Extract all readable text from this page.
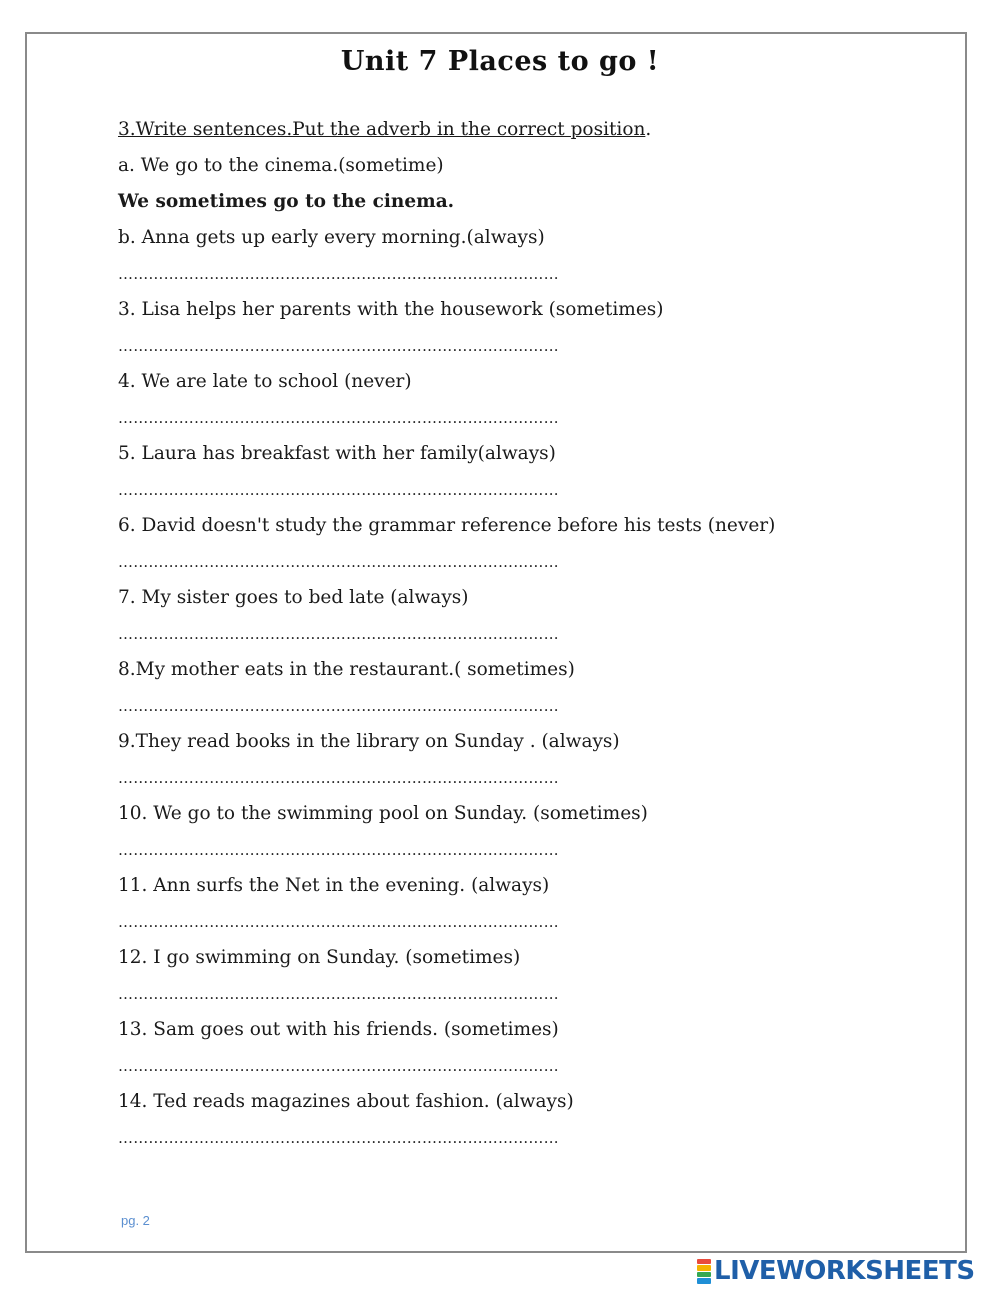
Unit 7 Places to go !
3.Write sentences.Put the adverb in the correct position.
a. We go to the cinema.(sometime)
We sometimes go to the cinema.
b. Anna gets up early every morning.(always)
……………………………………………………………………………
3. Lisa helps her parents with the housework (sometimes)
……………………………………………………………………………
4. We are late to school (never)
……………………………………………………………………………
5. Laura has breakfast with her family(always)
……………………………………………………………………………
6. David doesn't study the grammar reference before his tests (never)
……………………………………………………………………………
7. My sister goes to bed late (always)
……………………………………………………………………………
8.My mother eats in the restaurant.( sometimes)
……………………………………………………………………………
9.They read books in the library on Sunday . (always)
……………………………………………………………………………
10. We go to the swimming pool on Sunday. (sometimes)
……………………………………………………………………………
11. Ann surfs the Net in the evening. (always)
……………………………………………………………………………
12. I go swimming on Sunday. (sometimes)
……………………………………………………………………………
13. Sam goes out with his friends. (sometimes)
……………………………………………………………………………
14. Ted reads magazines about fashion. (always)
……………………………………………………………………………
pg. 2
LIVEWORKSHEETS
